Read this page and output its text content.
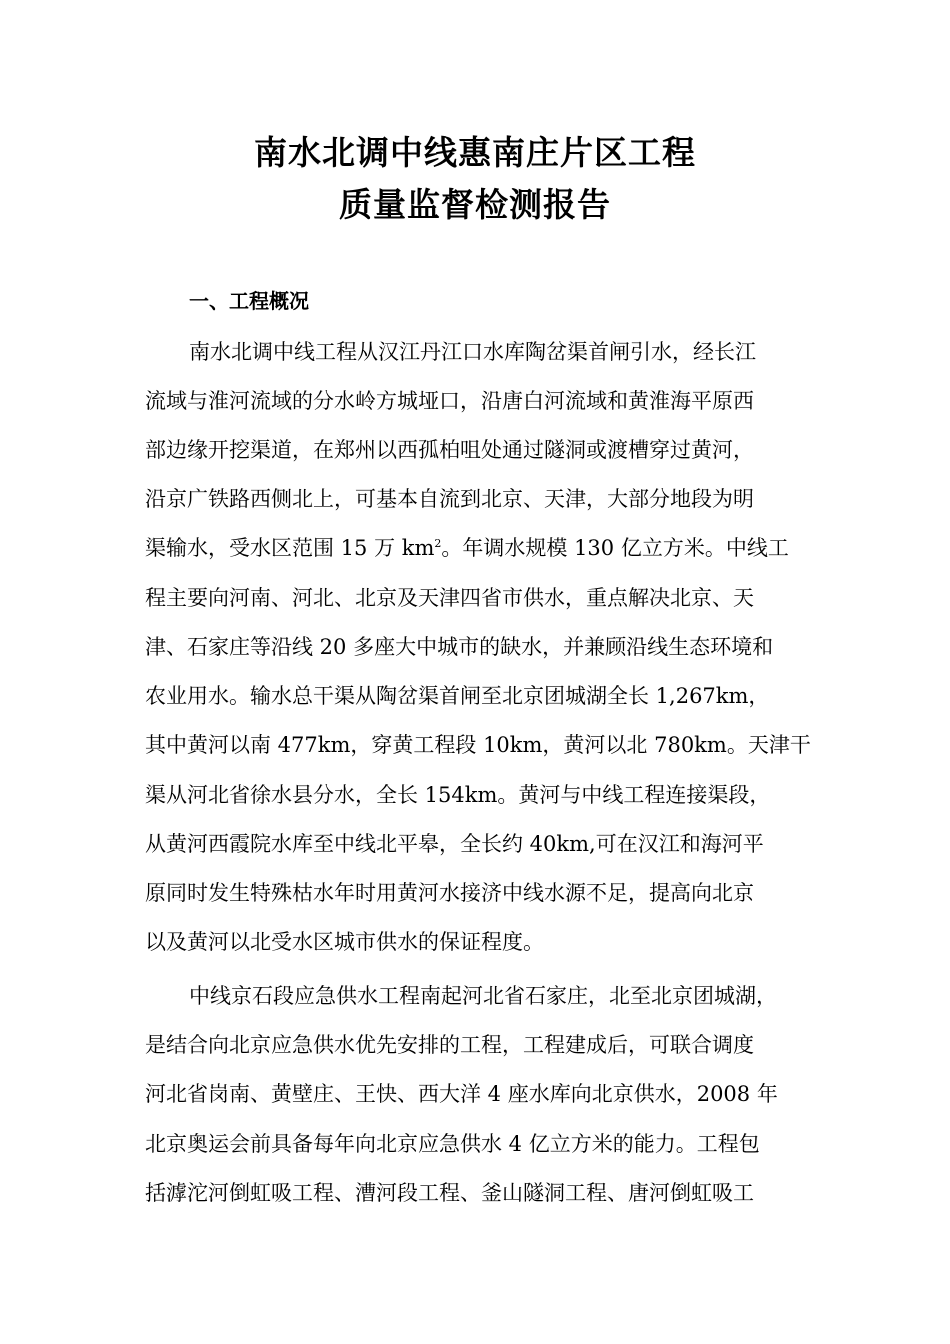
南水北调中线惠南庄片区工程
质量监督检测报告
一、工程概况
南水北调中线工程从汉江丹江口水库陶岔渠首闸引水，经长江
流域与淮河流域的分水岭方城垭口，沿唐白河流域和黄淮海平原西
部边缘开挖渠道，在郑州以西孤柏咀处通过隧洞或渡槽穿过黄河，
沿京广铁路西侧北上，可基本自流到北京、天津，大部分地段为明
渠输水，受水区范围 15 万 $km^2$。年调水规模 130 亿立方米。中线工
程主要向河南、河北、北京及天津四省市供水，重点解决北京、天
津、石家庄等沿线 20 多座大中城市的缺水，并兼顾沿线生态环境和
农业用水。输水总干渠从陶岔渠首闸至北京团城湖全长 1,267km，
其中黄河以南 477km，穿黄工程段 10km，黄河以北 780km。天津干
渠从河北省徐水县分水，全长 154km。黄河与中线工程连接渠段，
从黄河西霞院水库至中线北平皋，全长约 40km,可在汉江和海河平
原同时发生特殊枯水年时用黄河水接济中线水源不足，提高向北京
以及黄河以北受水区城市供水的保证程度。
中线京石段应急供水工程南起河北省石家庄，北至北京团城湖，
是结合向北京应急供水优先安排的工程，工程建成后，可联合调度
河北省岗南、黄壁庄、王快、西大洋 4 座水库向北京供水，2008 年
北京奥运会前具备每年向北京应急供水 4 亿立方米的能力。工程包
括滹沱河倒虹吸工程、漕河段工程、釜山隧洞工程、唐河倒虹吸工
